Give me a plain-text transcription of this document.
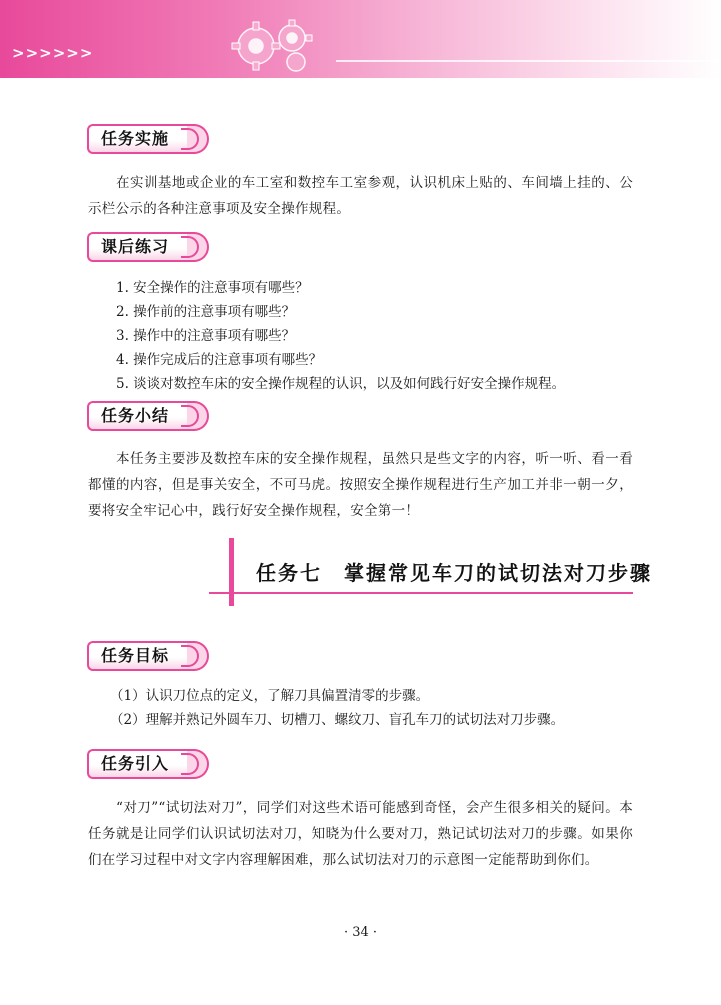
>>>>>>
任务实施

在实训基地或企业的车工室和数控车工室参观，认识机床上贴的、车间墙上挂的、公示栏公示的各种注意事项及安全操作规程。

课后练习
1. 安全操作的注意事项有哪些？
2. 操作前的注意事项有哪些？
3. 操作中的注意事项有哪些？
4. 操作完成后的注意事项有哪些？
5. 谈谈对数控车床的安全操作规程的认识，以及如何践行好安全操作规程。
任务小结

本任务主要涉及数控车床的安全操作规程，虽然只是些文字的内容，听一听、看一看都懂的内容，但是事关安全，不可马虎。按照安全操作规程进行生产加工并非一朝一夕，要将安全牢记心中，践行好安全操作规程，安全第一！

任务七　掌握常见车刀的试切法对刀步骤
任务目标
（1）认识刀位点的定义，了解刀具偏置清零的步骤。
（2）理解并熟记外圆车刀、切槽刀、螺纹刀、盲孔车刀的试切法对刀步骤。
任务引入

“对刀”“试切法对刀”，同学们对这些术语可能感到奇怪，会产生很多相关的疑问。本任务就是让同学们认识试切法对刀，知晓为什么要对刀，熟记试切法对刀的步骤。如果你们在学习过程中对文字内容理解困难，那么试切法对刀的示意图一定能帮助到你们。

· 34 ·
